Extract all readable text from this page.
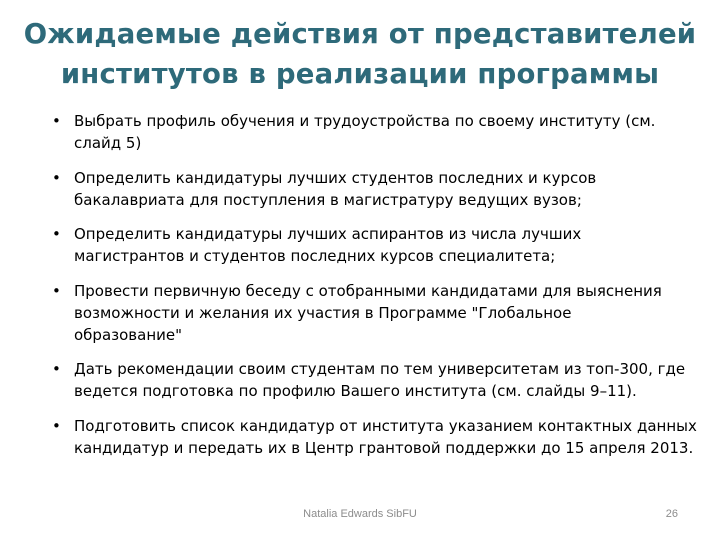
Ожидаемые действия от представителей
институтов в реализации программы
• Выбрать профиль обучения и трудоустройства по своему институту (см.
слайд 5)
• Определить кандидатуры лучших студентов последних и курсов
бакалавриата для поступления в магистратуру ведущих вузов;
• Определить кандидатуры лучших аспирантов из числа лучших
магистрантов и студентов последних курсов специалитета;
• Провести первичную беседу с отобранными кандидатами для выяснения
возможности и желания их участия в Программе "Глобальное
образование"
• Дать рекомендации своим студентам по тем университетам из топ-300, где
ведется подготовка по профилю Вашего института (см. слайды 9–11).
• Подготовить список кандидатур от института указанием контактных данных
кандидатур и передать их в Центр грантовой поддержки до 15 апреля 2013.
Natalia Edwards SibFU	26
